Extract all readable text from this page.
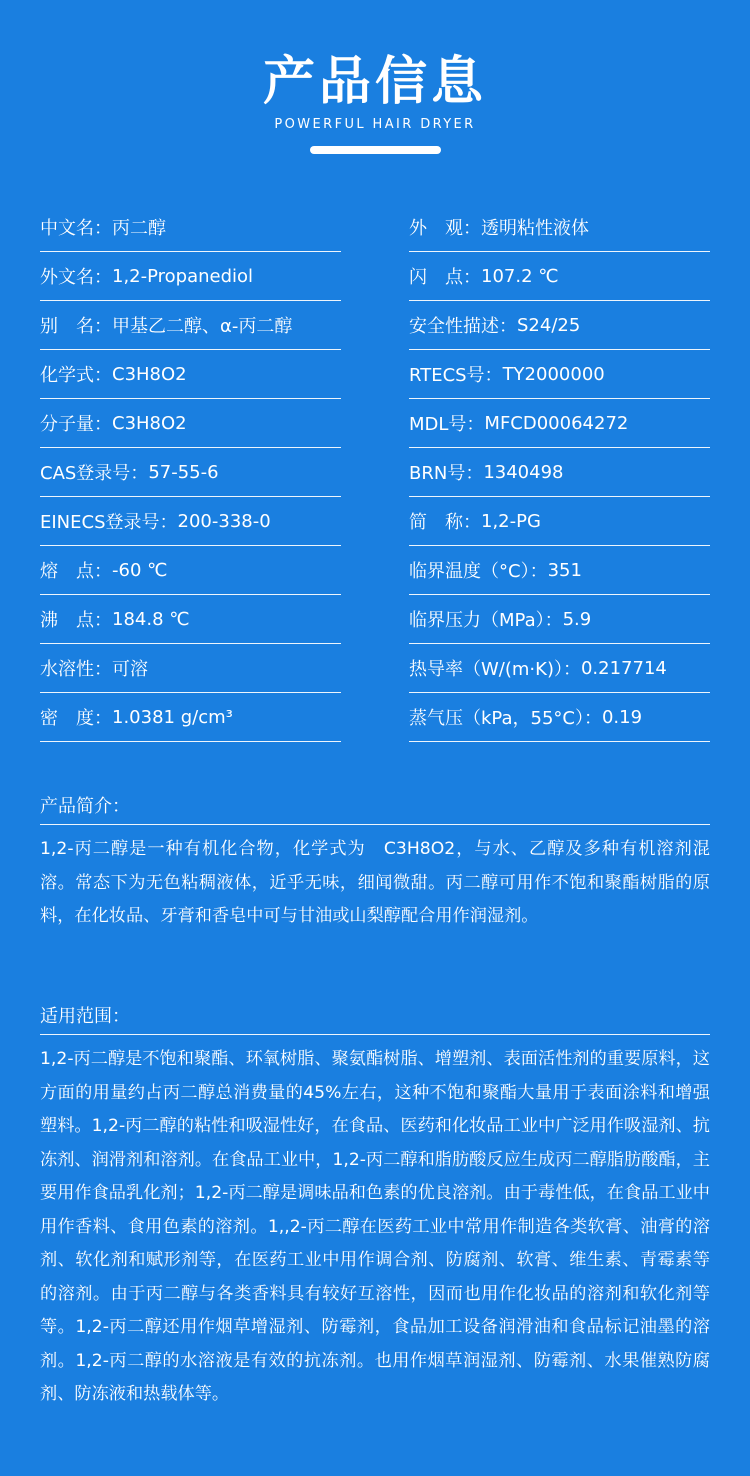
产品信息
POWERFUL HAIR DRYER
中文名： 丙二醇	外　观： 透明粘性液体
外文名： 1,2-Propanediol	闪　点： 107.2 ℃
别　名： 甲基乙二醇、α-丙二醇	安全性描述： S24/25
化学式： C3H8O2	RTECS号： TY2000000
分子量： C3H8O2	MDL号： MFCD00064272
CAS登录号： 57-55-6	BRN号： 1340498
EINECS登录号： 200-338-0	简　称： 1,2-PG
熔　点： -60 ℃	临界温度（°C）： 351
沸　点： 184.8 ℃	临界压力（MPa）： 5.9
水溶性： 可溶	热导率（W/(m·K)）： 0.217714
密　度： 1.0381 g/cm³	蒸气压（kPa，55°C）： 0.19
产品简介：
1,2-丙二醇是一种有机化合物，化学式为　C3H8O2，与水、乙醇及多种有机溶剂混溶。常态下为无色粘稠液体，近乎无味，细闻微甜。丙二醇可用作不饱和聚酯树脂的原料，在化妆品、牙膏和香皂中可与甘油或山梨醇配合用作润湿剂。
适用范围：
1,2-丙二醇是不饱和聚酯、环氧树脂、聚氨酯树脂、增塑剂、表面活性剂的重要原料，这方面的用量约占丙二醇总消费量的45%左右，这种不饱和聚酯大量用于表面涂料和增强塑料。1,2-丙二醇的粘性和吸湿性好，在食品、医药和化妆品工业中广泛用作吸湿剂、抗冻剂、润滑剂和溶剂。在食品工业中，1,2-丙二醇和脂肪酸反应生成丙二醇脂肪酸酯，主要用作食品乳化剂；1,2-丙二醇是调味品和色素的优良溶剂。由于毒性低，在食品工业中用作香料、食用色素的溶剂。1,,2-丙二醇在医药工业中常用作制造各类软膏、油膏的溶剂、软化剂和赋形剂等，在医药工业中用作调合剂、防腐剂、软膏、维生素、青霉素等的溶剂。由于丙二醇与各类香料具有较好互溶性，因而也用作化妆品的溶剂和软化剂等等。1,2-丙二醇还用作烟草增湿剂、防霉剂，食品加工设备润滑油和食品标记油墨的溶剂。1,2-丙二醇的水溶液是有效的抗冻剂。也用作烟草润湿剂、防霉剂、水果催熟防腐剂、防冻液和热载体等。
